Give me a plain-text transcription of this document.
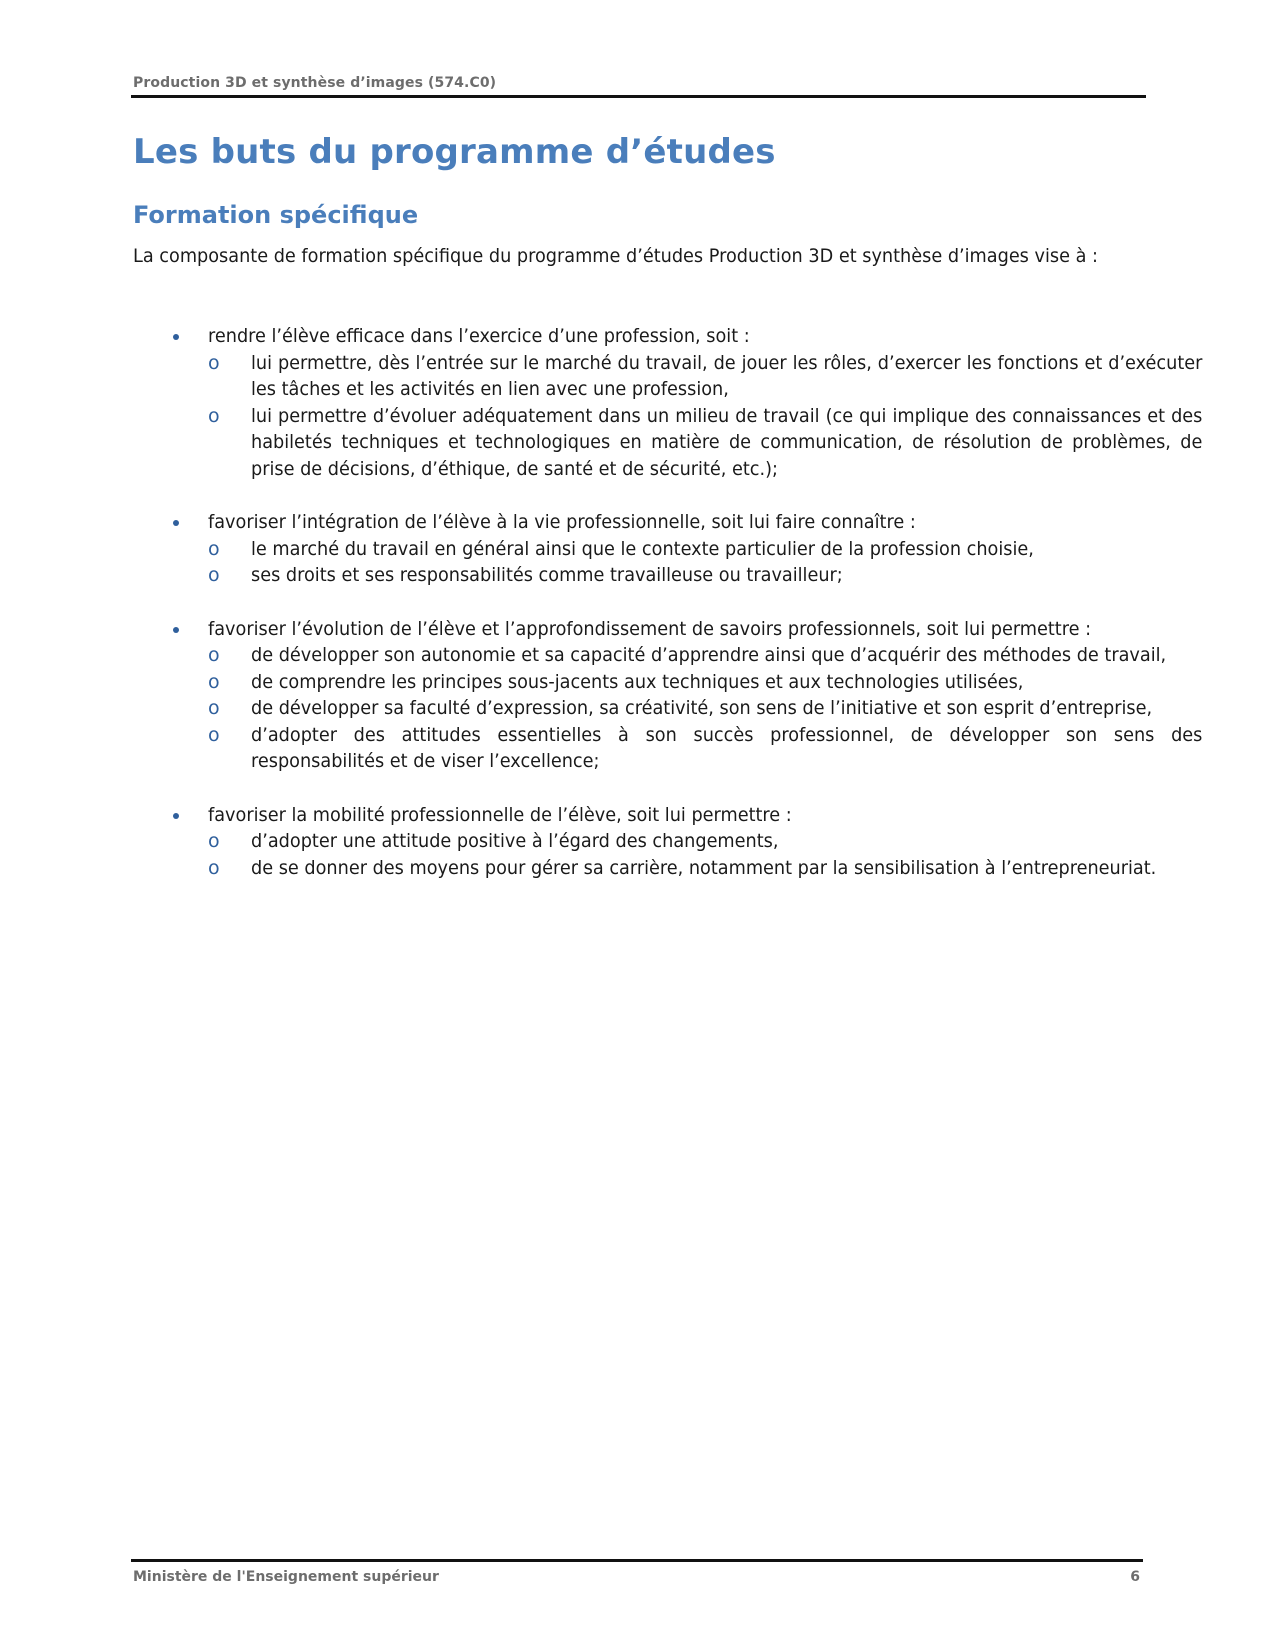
Production 3D et synthèse d’images (574.C0)
Les buts du programme d’études
Formation spécifique

La composante de formation spécifique du programme d’études Production 3D et synthèse d’images vise à :

rendre l’élève efficace dans l’exercice d’une profession, soit :
o lui permettre, dès l’entrée sur le marché du travail, de jouer les rôles, d’exercer les fonctions et d’exécuter les tâches et les activités en lien avec une profession,
o lui permettre d’évoluer adéquatement dans un milieu de travail (ce qui implique des connaissances et des habiletés techniques et technologiques en matière de communication, de résolution de problèmes, de prise de décisions, d’éthique, de santé et de sécurité, etc.);
favoriser l’intégration de l’élève à la vie professionnelle, soit lui faire connaître :
o le marché du travail en général ainsi que le contexte particulier de la profession choisie,
o ses droits et ses responsabilités comme travailleuse ou travailleur;
favoriser l’évolution de l’élève et l’approfondissement de savoirs professionnels, soit lui permettre :
o de développer son autonomie et sa capacité d’apprendre ainsi que d’acquérir des méthodes de travail,
o de comprendre les principes sous-jacents aux techniques et aux technologies utilisées,
o de développer sa faculté d’expression, sa créativité, son sens de l’initiative et son esprit d’entreprise,
o d’adopter des attitudes essentielles à son succès professionnel, de développer son sens des responsabilités et de viser l’excellence;
favoriser la mobilité professionnelle de l’élève, soit lui permettre :
o d’adopter une attitude positive à l’égard des changements,
o de se donner des moyens pour gérer sa carrière, notamment par la sensibilisation à l’entrepreneuriat.
Ministère de l'Enseignement supérieur	6
